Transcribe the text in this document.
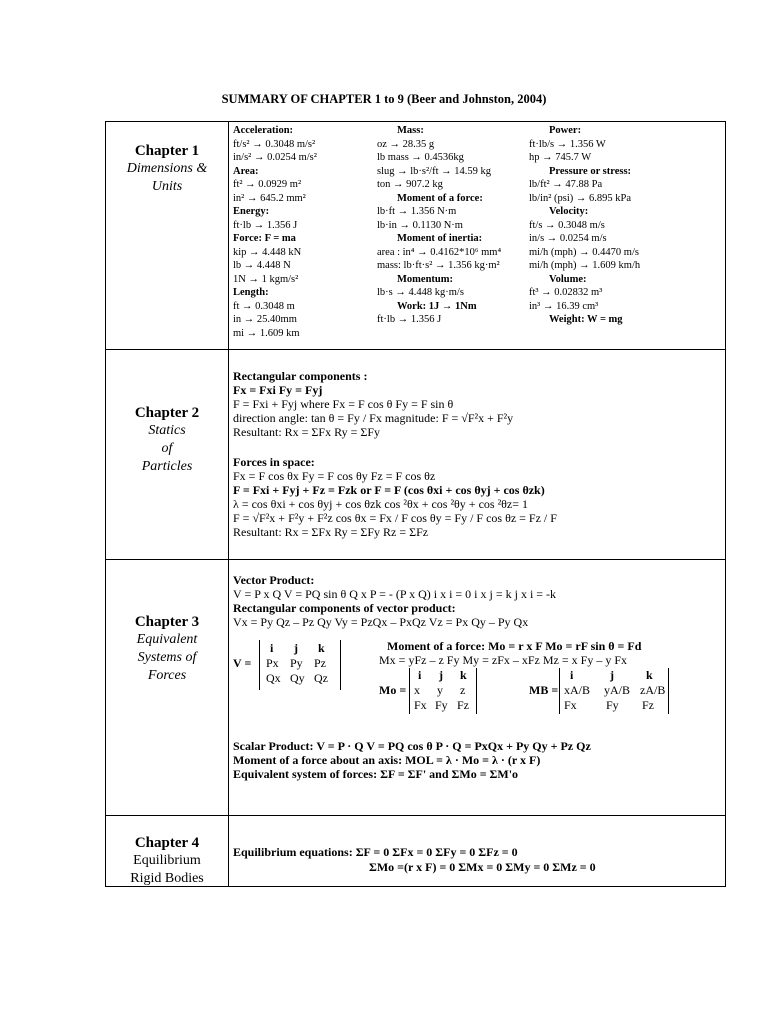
SUMMARY OF CHAPTER 1 to 9 (Beer and Johnston, 2004)
Chapter 1
Dimensions &
Units
Chapter 2
Statics
of
Particles
Chapter 3
Equivalent
Systems of
Forces
Chapter 4
Equilibrium
Rigid Bodies
Acceleration:
ft/s² → 0.3048 m/s²
in/s² → 0.0254 m/s²
Area:
ft² → 0.0929 m²
in² → 645.2 mm²
Energy:
ft·lb → 1.356 J
Force: F = ma
kip → 4.448 kN
lb → 4.448 N
1N → 1 kgm/s²
Length:
ft → 0.3048 m
in → 25.40mm
mi → 1.609 km
Mass:
oz → 28.35 g
lb mass → 0.4536kg
slug → lb·s²/ft → 14.59 kg
ton → 907.2 kg
Moment of a force:
lb·ft → 1.356 N·m
lb·in → 0.1130 N·m
Moment of inertia:
area : in⁴ → 0.4162*10⁶ mm⁴
mass: lb·ft·s² → 1.356 kg·m²
Momentum:
lb·s → 4.448 kg·m/s
Work: 1J → 1Nm
ft·lb → 1.356 J
Power:
ft·lb/s → 1.356 W
hp → 745.7 W
Pressure or stress:
lb/ft² → 47.88 Pa
lb/in² (psi) → 6.895 kPa
Velocity:
ft/s → 0.3048 m/s
in/s → 0.0254 m/s
mi/h (mph) → 0.4470 m/s
mi/h (mph) → 1.609 km/h
Volume:
ft³ → 0.02832 m³
in³ → 16.39 cm³
Weight: W = mg
Rectangular components :
Fx = Fxi Fy = Fyj
F = Fxi + Fyj where Fx = F cos θ Fy = F sin θ
direction angle: tan θ = Fy / Fx magnitude: F = √F²x + F²y
Resultant: Rx = ΣFx Ry = ΣFy
Forces in space:
Fx = F cos θx Fy = F cos θy Fz = F cos θz
F = Fxi + Fyj + Fz = Fzk or F = F (cos θxi + cos θyj + cos θzk)
λ = cos θxi + cos θyj + cos θzk cos ²θx + cos ²θy + cos ²θz= 1
F = √F²x + F²y + F²z cos θx = Fx / F cos θy = Fy / F cos θz = Fz / F
Resultant: Rx = ΣFx Ry = ΣFy Rz = ΣFz
Vector Product:
V = P x Q V = PQ sin θ Q x P = - (P x Q) i x i = 0 i x j = k j x i = -k
Rectangular components of vector product:
Vx = Py Qz – Pz Qy Vy = PzQx – PxQz Vz = Px Qy – Py Qx
V =
i j k
Px Py Pz
Qx Qy Qz
Moment of a force: Mo = r x F Mo = rF sin θ = Fd
Mx = yFz – z Fy My = zFx – xFz Mz = x Fy – y Fx
Mo =
i j k
x y z
Fx Fy Fz
MB =
i	j	k
xA/B yA/B zA/B
Fx Fy Fz
Scalar Product: V = P · Q V = PQ cos θ P · Q = PxQx + Py Qy + Pz Qz
Moment of a force about an axis: MOL = λ · Mo = λ · (r x F)
Equivalent system of forces: ΣF = ΣF' and ΣMo = ΣM'o
Equilibrium equations: ΣF = 0 ΣFx = 0 ΣFy = 0 ΣFz = 0
ΣMo =(r x F) = 0 ΣMx = 0 ΣMy = 0 ΣMz = 0
